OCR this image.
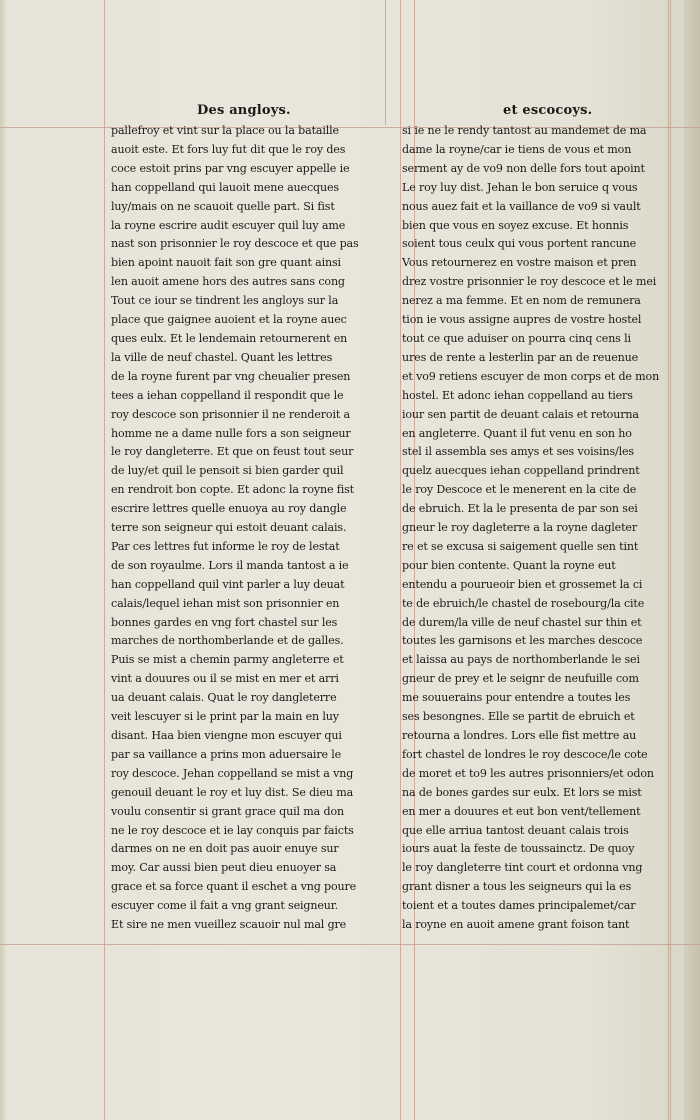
Des angloys.	et escocoys.
pallefroy et vint sur la place ou la bataille
auoit este. Et fors luy fut dit que le roy des
coce estoit prins par vng escuyer appelle ie
han coppelland qui lauoit mene auecques
luy/mais on ne scauoit quelle part. Si fist
la royne escrire audit escuyer quil luy ame
nast son prisonnier le roy descoce et que pas
bien apoint nauoit fait son gre quant ainsi
len auoit amene hors des autres sans cong
Tout ce iour se tindrent les angloys sur la
place que gaignee auoient et la royne auec
ques eulx. Et le lendemain retournerent en
la ville de neuf chastel. Quant les lettres
de la royne furent par vng cheualier presen
tees a iehan coppelland il respondit que le
roy descoce son prisonnier il ne renderoit a
homme ne a dame nulle fors a son seigneur
le roy dangleterre. Et que on feust tout seur
de luy/et quil le pensoit si bien garder quil
en rendroit bon copte. Et adonc la royne fist
escrire lettres quelle enuoya au roy dangle
terre son seigneur qui estoit deuant calais.
Par ces lettres fut informe le roy de lestat
de son royaulme. Lors il manda tantost a ie
han coppelland quil vint parler a luy deuat
calais/lequel iehan mist son prisonnier en
bonnes gardes en vng fort chastel sur les
marches de northomberlande et de galles.
Puis se mist a chemin parmy angleterre et
vint a douures ou il se mist en mer et arri
ua deuant calais. Quat le roy dangleterre
veit lescuyer si le print par la main en luy
disant. Haa bien viengne mon escuyer qui
par sa vaillance a prins mon aduersaire le
roy descoce. Jehan coppelland se mist a vng
genouil deuant le roy et luy dist. Se dieu ma
voulu consentir si grant grace quil ma don
ne le roy descoce et ie lay conquis par faicts
darmes on ne en doit pas auoir enuye sur
moy. Car aussi bien peut dieu enuoyer sa
grace et sa force quant il eschet a vng poure
escuyer come il fait a vng grant seigneur.
Et sire ne men vueillez scauoir nul mal gre
si ie ne le rendy tantost au mandemet de ma
dame la royne/car ie tiens de vous et mon
serment ay de vo9 non delle fors tout apoint
Le roy luy dist. Jehan le bon seruice q vous
nous auez fait et la vaillance de vo9 si vault
bien que vous en soyez excuse. Et honnis
soient tous ceulx qui vous portent rancune
Vous retournerez en vostre maison et pren
drez vostre prisonnier le roy descoce et le mei
nerez a ma femme. Et en nom de remunera
tion ie vous assigne aupres de vostre hostel
tout ce que aduiser on pourra cinq cens li
ures de rente a lesterlin par an de reuenue
et vo9 retiens escuyer de mon corps et de mon
hostel. Et adonc iehan coppelland au tiers
iour sen partit de deuant calais et retourna
en angleterre. Quant il fut venu en son ho
stel il assembla ses amys et ses voisins/les
quelz auecques iehan coppelland prindrent
le roy Descoce et le menerent en la cite de
de ebruich. Et la le presenta de par son sei
gneur le roy dagleterre a la royne dagleter
re et se excusa si saigement quelle sen tint
pour bien contente. Quant la royne eut
entendu a pourueoir bien et grossemet la ci
te de ebruich/le chastel de rosebourg/la cite
de durem/la ville de neuf chastel sur thin et
toutes les garnisons et les marches descoce
et laissa au pays de northomberlande le sei
gneur de prey et le seignr de neufuille com
me souuerains pour entendre a toutes les
ses besongnes. Elle se partit de ebruich et
retourna a londres. Lors elle fist mettre au
fort chastel de londres le roy descoce/le cote
de moret et to9 les autres prisonniers/et odon
na de bones gardes sur eulx. Et lors se mist
en mer a douures et eut bon vent/tellement
que elle arriua tantost deuant calais trois
iours auat la feste de toussainctz. De quoy
le roy dangleterre tint court et ordonna vng
grant disner a tous les seigneurs qui la es
toient et a toutes dames principalemet/car
la royne en auoit amene grant foison tant
